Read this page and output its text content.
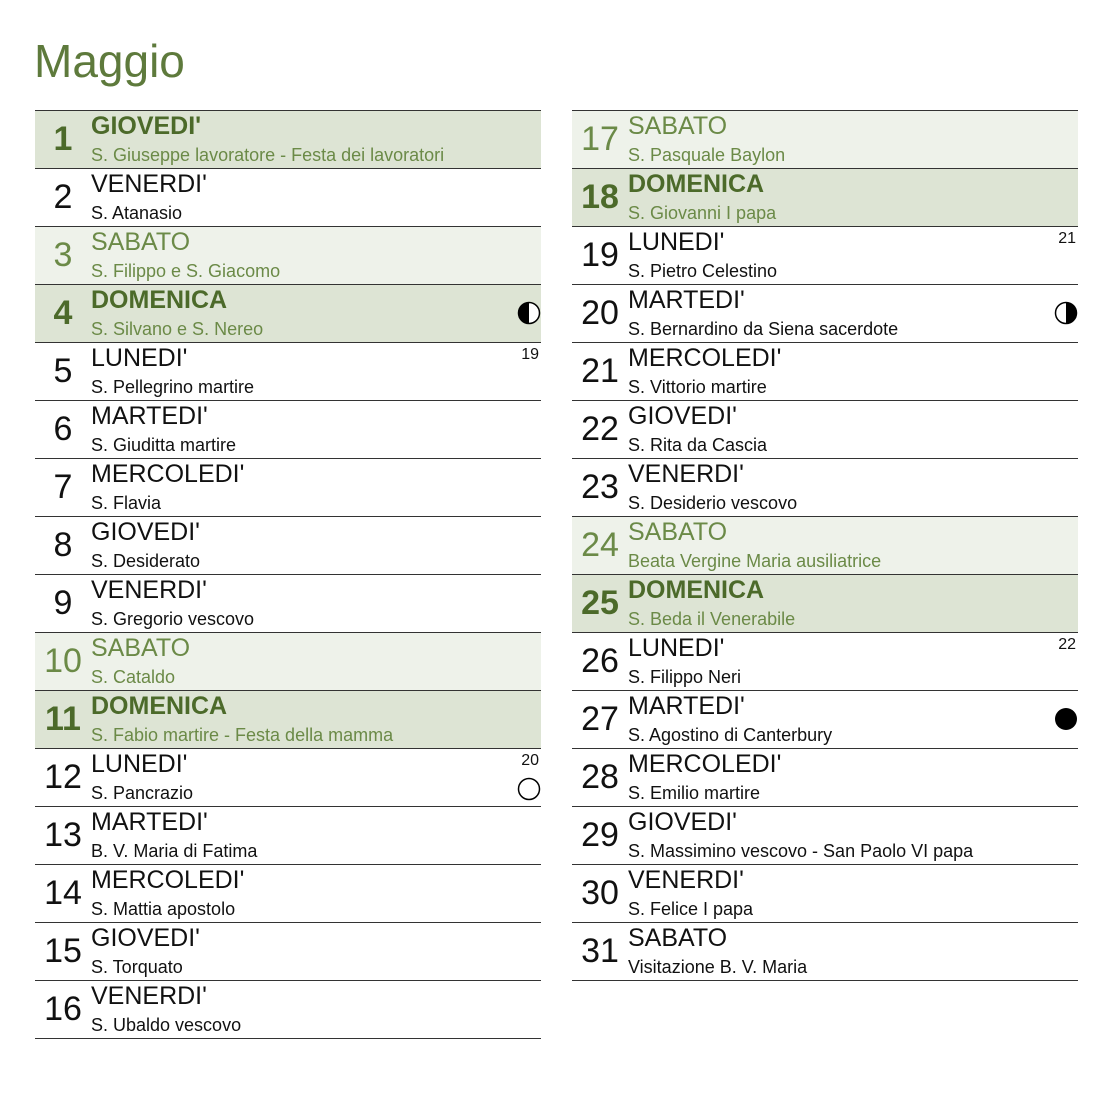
Maggio
1 GIOVEDI'
S. Giuseppe lavoratore - Festa dei lavoratori
2 VENERDI'
S. Atanasio
3 SABATO
S. Filippo e S. Giacomo
4 DOMENICA
S. Silvano e S. Nereo
5 LUNEDI'
S. Pellegrino martire
19
6 MARTEDI'
S. Giuditta martire
7 MERCOLEDI'
S. Flavia
8 GIOVEDI'
S. Desiderato
9 VENERDI'
S. Gregorio vescovo
10 SABATO
S. Cataldo
11 DOMENICA
S. Fabio martire - Festa della mamma
12 LUNEDI'
S. Pancrazio
20
13 MARTEDI'
B. V. Maria di Fatima
14 MERCOLEDI'
S. Mattia apostolo
15 GIOVEDI'
S. Torquato
16 VENERDI'
S. Ubaldo vescovo
17 SABATO
S. Pasquale Baylon
18 DOMENICA
S. Giovanni I papa
19 LUNEDI'
S. Pietro Celestino
21
20 MARTEDI'
S. Bernardino da Siena sacerdote
21 MERCOLEDI'
S. Vittorio martire
22 GIOVEDI'
S. Rita da Cascia
23 VENERDI'
S. Desiderio vescovo
24 SABATO
Beata Vergine Maria ausiliatrice
25 DOMENICA
S. Beda il Venerabile
26 LUNEDI'
S. Filippo Neri
22
27 MARTEDI'
S. Agostino di Canterbury
28 MERCOLEDI'
S. Emilio martire
29 GIOVEDI'
S. Massimino vescovo - San Paolo VI papa
30 VENERDI'
S. Felice I papa
31 SABATO
Visitazione B. V. Maria
